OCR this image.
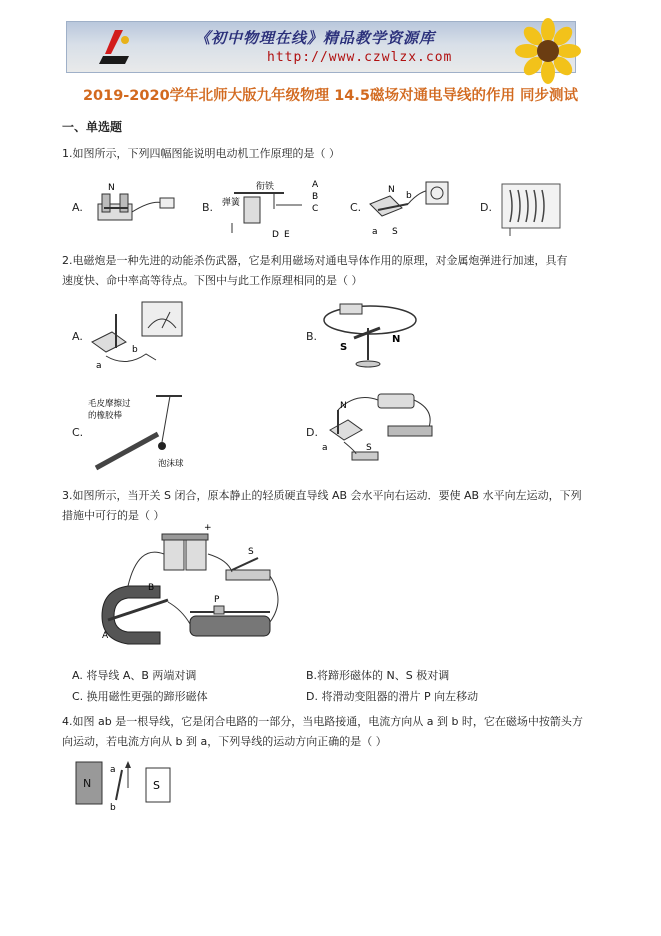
《初中物理在线》精品教学资源库
http://www.czwlzx.com
2019-2020学年北师大版九年级物理 14.5磁场对通电导线的作用 同步测试
一、单选题
1.如图所示，下列四幅图能说明电动机工作原理的是（ ）
A.
N
B.
衔铁
弹簧
A
B
C
D E
C.
N
S
a
b
D.
2.电磁炮是一种先进的动能杀伤武器，它是利用磁场对通电导体作用的原理，对金属炮弹进行加速，具有
速度快、命中率高等待点。下图中与此工作原理相同的是（ ）
A.
a
b
B.
S
N
C.
毛皮摩擦过
的橡胶棒
泡沫球
D.
N
S
a
3.如图所示，当开关 S 闭合，原本静止的轻质硬直导线 AB 会水平向右运动．要使 AB 水平向左运动，下列
措施中可行的是（ ）
+
S
B
A
P
A. 将导线 A、B 两端对调	B.将蹄形磁体的 N、S 极对调
C. 换用磁性更强的蹄形磁体	D. 将滑动变阻器的滑片 P 向左移动
4.如图 ab 是一根导线，它是闭合电路的一部分，当电路接通，电流方向从 a 到 b 时，它在磁场中按箭头方
向运动，若电流方向从 b 到 a，下列导线的运动方向正确的是（ ）
N	S
a
b
